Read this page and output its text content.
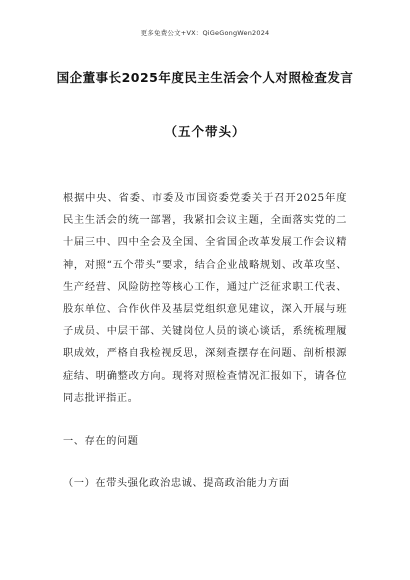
更多免费公文+VX：QiGeGongWen2024
国企董事长2025年度民主生活会个人对照检查发言
（五个带头）

根据中央、省委、市委及市国资委党委关于召开2025年度民主生活会的统一部署，我紧扣会议主题，全面落实党的二十届三中、四中全会及全国、全省国企改革发展工作会议精神，对照“五个带头”要求，结合企业战略规划、改革攻坚、生产经营、风险防控等核心工作，通过广泛征求职工代表、股东单位、合作伙伴及基层党组织意见建议，深入开展与班子成员、中层干部、关键岗位人员的谈心谈话，系统梳理履职成效，严格自我检视反思，深刻查摆存在问题、剖析根源症结、明确整改方向。现将对照检查情况汇报如下，请各位同志批评指正。

一、存在的问题

（一）在带头强化政治忠诚、提高政治能力方面
